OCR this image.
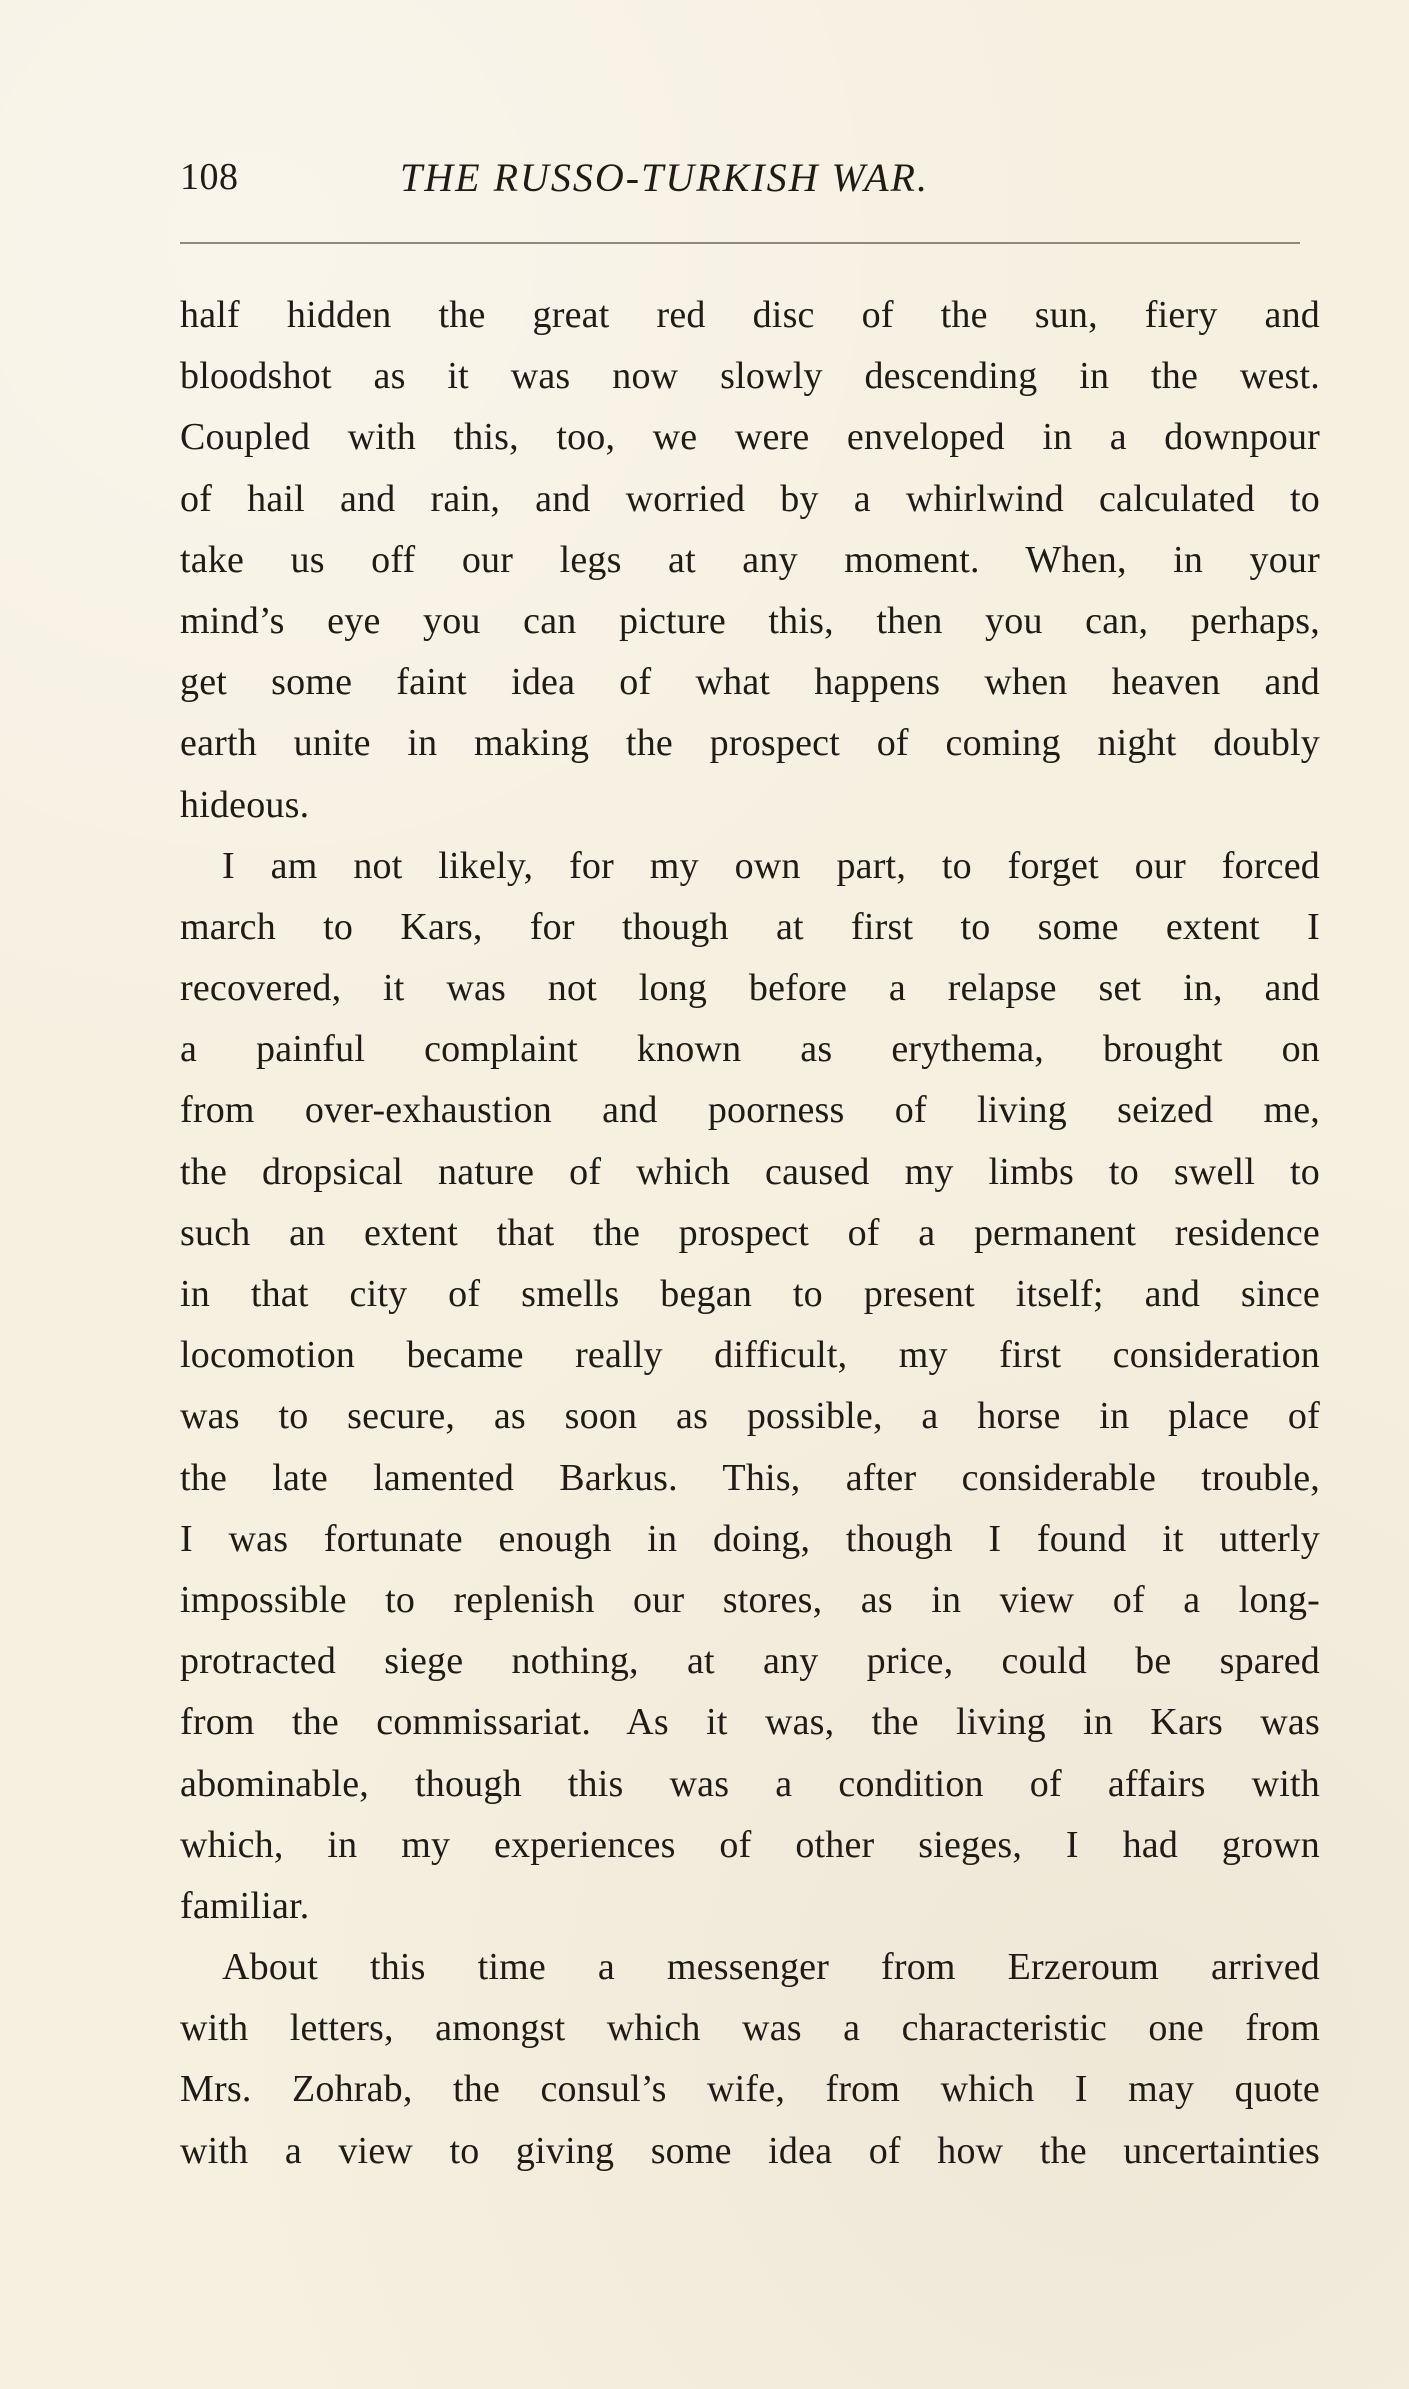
108	THE RUSSO-TURKISH WAR.
half hidden the great red disc of the sun, fiery and
bloodshot as it was now slowly descending in the west.
Coupled with this, too, we were enveloped in a downpour
of hail and rain, and worried by a whirlwind calculated to
take us off our legs at any moment. When, in your
mind’s eye you can picture this, then you can, perhaps,
get some faint idea of what happens when heaven and
earth unite in making the prospect of coming night doubly
hideous.
I am not likely, for my own part, to forget our forced
march to Kars, for though at first to some extent I
recovered, it was not long before a relapse set in, and
a painful complaint known as erythema, brought on
from over-exhaustion and poorness of living seized me,
the dropsical nature of which caused my limbs to swell to
such an extent that the prospect of a permanent residence
in that city of smells began to present itself; and since
locomotion became really difficult, my first consideration
was to secure, as soon as possible, a horse in place of
the late lamented Barkus. This, after considerable trouble,
I was fortunate enough in doing, though I found it utterly
impossible to replenish our stores, as in view of a long-
protracted siege nothing, at any price, could be spared
from the commissariat. As it was, the living in Kars was
abominable, though this was a condition of affairs with
which, in my experiences of other sieges, I had grown
familiar.
About this time a messenger from Erzeroum arrived
with letters, amongst which was a characteristic one from
Mrs. Zohrab, the consul’s wife, from which I may quote
with a view to giving some idea of how the uncertainties
